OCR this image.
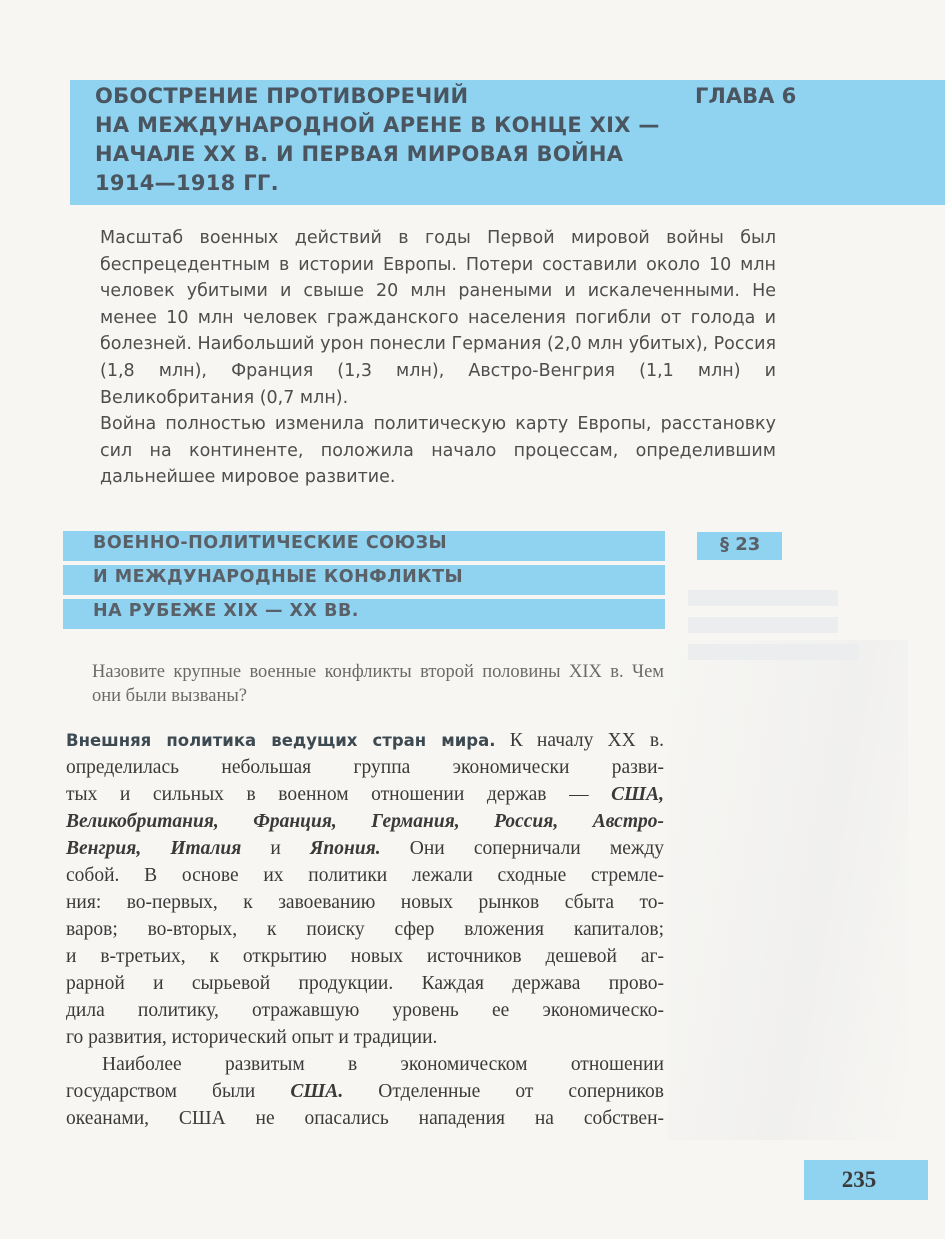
ОБОСТРЕНИЕ ПРОТИВОРЕЧИЙ
НА МЕЖДУНАРОДНОЙ АРЕНЕ В КОНЦЕ XIX —
НАЧАЛЕ XX В. И ПЕРВАЯ МИРОВАЯ ВОЙНА
1914—1918 ГГ.
ГЛАВА 6

Масштаб военных действий в годы Первой мировой войны был беспрецедентным в истории Европы. Потери составили около 10 млн человек убитыми и свыше 20 млн ранеными и искалеченными. Не менее 10 млн человек гражданского населения погибли от голода и болезней. Наибольший урон понесли Германия (2,0 млн убитых), Россия (1,8 млн), Франция (1,3 млн), Австро-Венгрия (1,1 млн) и Великобритания (0,7 млн).

Война полностью изменила политическую карту Европы, расстановку сил на континенте, положила начало процессам, определившим дальнейшее мировое развитие.

ВОЕННО-ПОЛИТИЧЕСКИЕ СОЮЗЫ
И МЕЖДУНАРОДНЫЕ КОНФЛИКТЫ
НА РУБЕЖЕ XIX — XX ВВ.
§ 23

Назовите крупные военные конфликты второй половины XIX в. Чем они были вызваны?

Внешняя политика ведущих стран мира. К началу XX в.
определилась небольшая группа экономически разви-
тых и сильных в военном отношении держав — США,
Великобритания, Франция, Германия, Россия, Австро-
Венгрия, Италия и Япония. Они соперничали между
собой. В основе их политики лежали сходные стремле-
ния: во-первых, к завоеванию новых рынков сбыта то-
варов; во-вторых, к поиску сфер вложения капиталов;
и в-третьих, к открытию новых источников дешевой аг-
рарной и сырьевой продукции. Каждая держава прово-
дила политику, отражавшую уровень ее экономическо-
го развития, исторический опыт и традиции.
Наиболее развитым в экономическом отношении
государством были США. Отделенные от соперников
океанами, США не опасались нападения на собствен-
235
